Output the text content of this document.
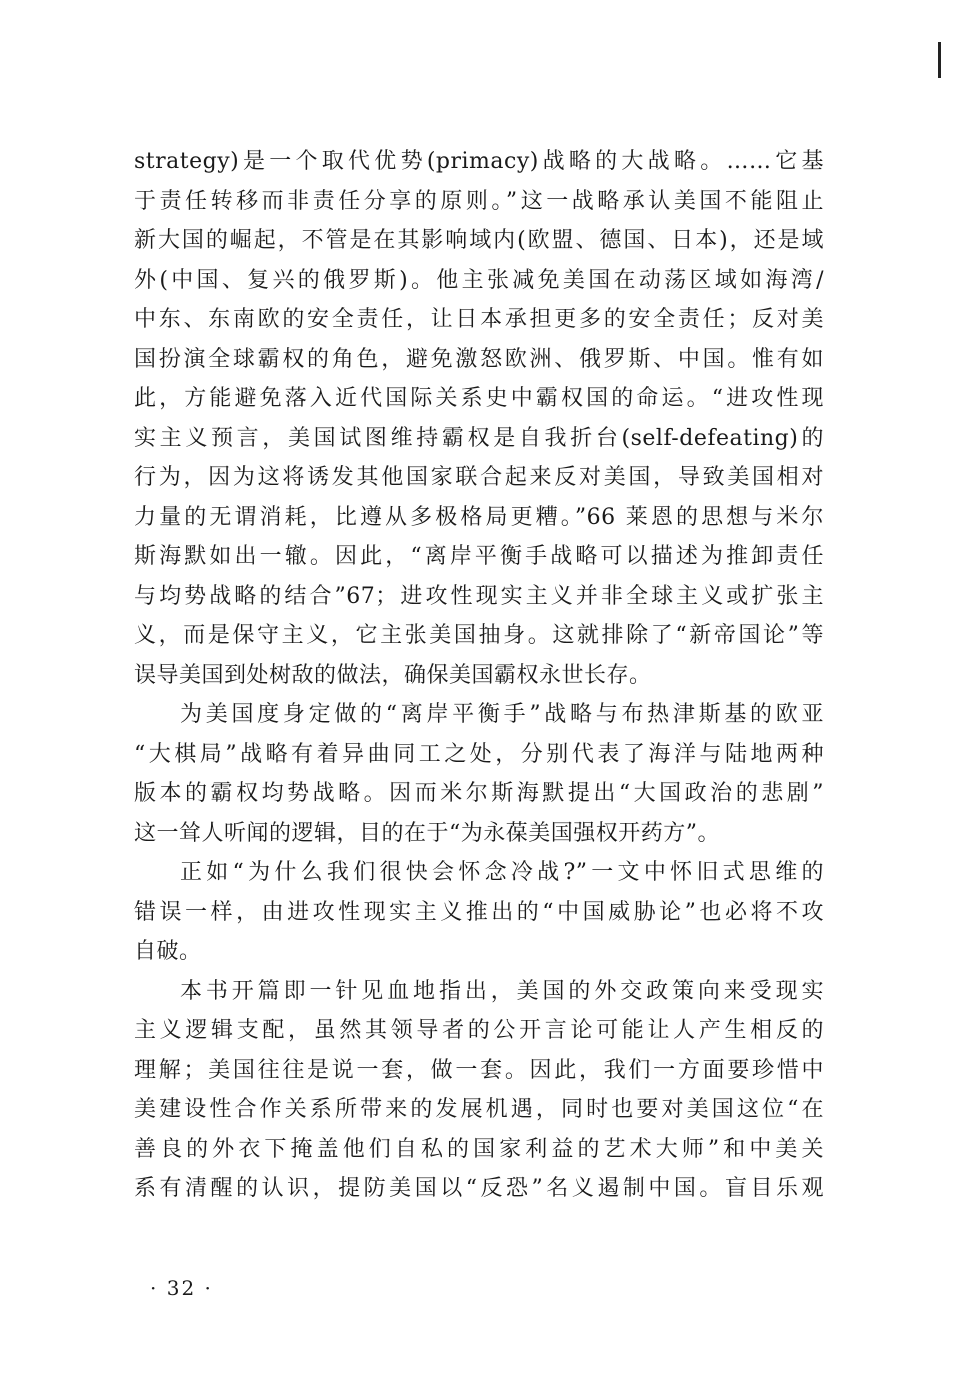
strategy)是一个取代优势(primacy)战略的大战略。……它基
于责任转移而非责任分享的原则。”这一战略承认美国不能阻止
新大国的崛起，不管是在其影响域内(欧盟、德国、日本)，还是域
外(中国、复兴的俄罗斯)。他主张减免美国在动荡区域如海湾/
中东、东南欧的安全责任，让日本承担更多的安全责任；反对美
国扮演全球霸权的角色，避免激怒欧洲、俄罗斯、中国。惟有如
此，方能避免落入近代国际关系史中霸权国的命运。“进攻性现
实主义预言，美国试图维持霸权是自我折台(self-defeating)的
行为，因为这将诱发其他国家联合起来反对美国，导致美国相对
力量的无谓消耗，比遵从多极格局更糟。”66 莱恩的思想与米尔
斯海默如出一辙。因此，“离岸平衡手战略可以描述为推卸责任
与均势战略的结合”67；进攻性现实主义并非全球主义或扩张主
义，而是保守主义，它主张美国抽身。这就排除了“新帝国论”等
误导美国到处树敌的做法，确保美国霸权永世长存。
为美国度身定做的“离岸平衡手”战略与布热津斯基的欧亚
“大棋局”战略有着异曲同工之处，分别代表了海洋与陆地两种
版本的霸权均势战略。因而米尔斯海默提出“大国政治的悲剧”
这一耸人听闻的逻辑，目的在于“为永葆美国强权开药方”。
正如“为什么我们很快会怀念冷战?”一文中怀旧式思维的
错误一样，由进攻性现实主义推出的“中国威胁论”也必将不攻
自破。
本书开篇即一针见血地指出，美国的外交政策向来受现实
主义逻辑支配，虽然其领导者的公开言论可能让人产生相反的
理解；美国往往是说一套，做一套。因此，我们一方面要珍惜中
美建设性合作关系所带来的发展机遇，同时也要对美国这位“在
善良的外衣下掩盖他们自私的国家利益的艺术大师”和中美关
系有清醒的认识，提防美国以“反恐”名义遏制中国。盲目乐观
· 32 ·
